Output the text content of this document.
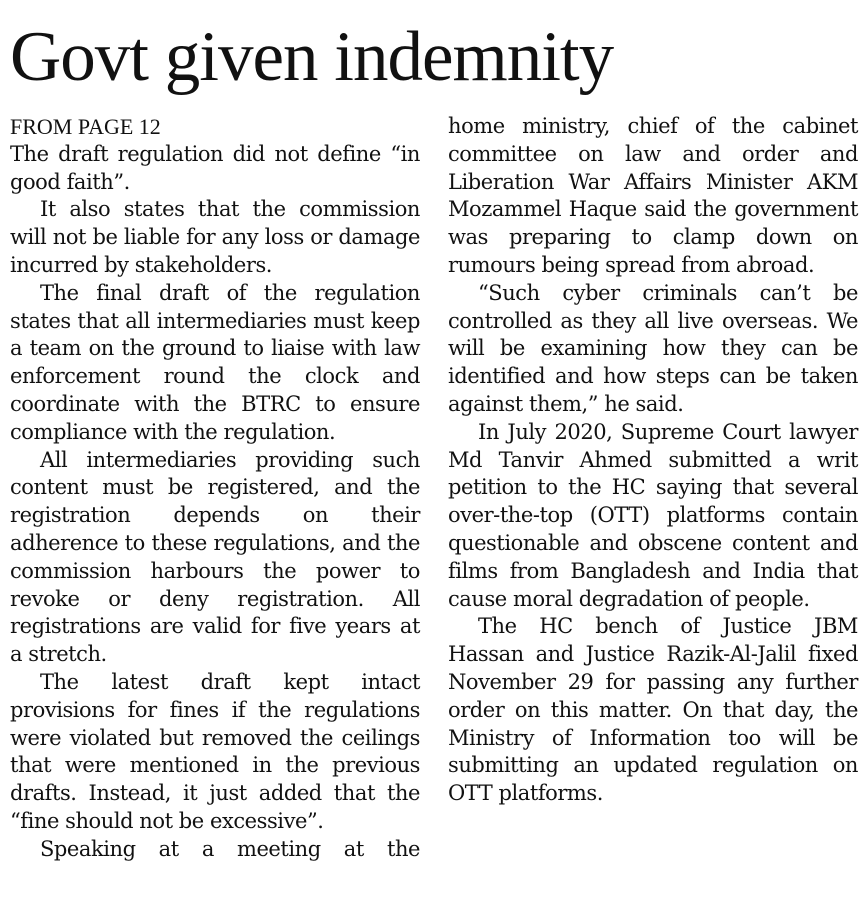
Govt given indemnity
FROM PAGE 12

The draft regulation did not define “in good faith”.

It also states that the commission will not be liable for any loss or damage incurred by stakeholders.

The final draft of the regulation states that all intermediaries must keep a team on the ground to liaise with law enforcement round the clock and coordinate with the BTRC to ensure compliance with the regulation.

All intermediaries providing such content must be registered, and the registration depends on their adherence to these regulations, and the commission harbours the power to revoke or deny registration. All registrations are valid for five years at a stretch.

The latest draft kept intact provisions for fines if the regulations were violated but removed the ceilings that were mentioned in the previous drafts. Instead, it just added that the “fine should not be excessive”.

Speaking at a meeting at the

home ministry, chief of the cabinet committee on law and order and Liberation War Affairs Minister AKM Mozammel Haque said the government was preparing to clamp down on rumours being spread from abroad.

“Such cyber criminals can’t be controlled as they all live overseas. We will be examining how they can be identified and how steps can be taken against them,” he said.

In July 2020, Supreme Court lawyer Md Tanvir Ahmed submitted a writ petition to the HC saying that several over-the-top (OTT) platforms contain questionable and obscene content and films from Bangladesh and India that cause moral degradation of people.

The HC bench of Justice JBM Hassan and Justice Razik-Al-Jalil fixed November 29 for passing any further order on this matter. On that day, the Ministry of Information too will be submitting an updated regulation on OTT platforms.
